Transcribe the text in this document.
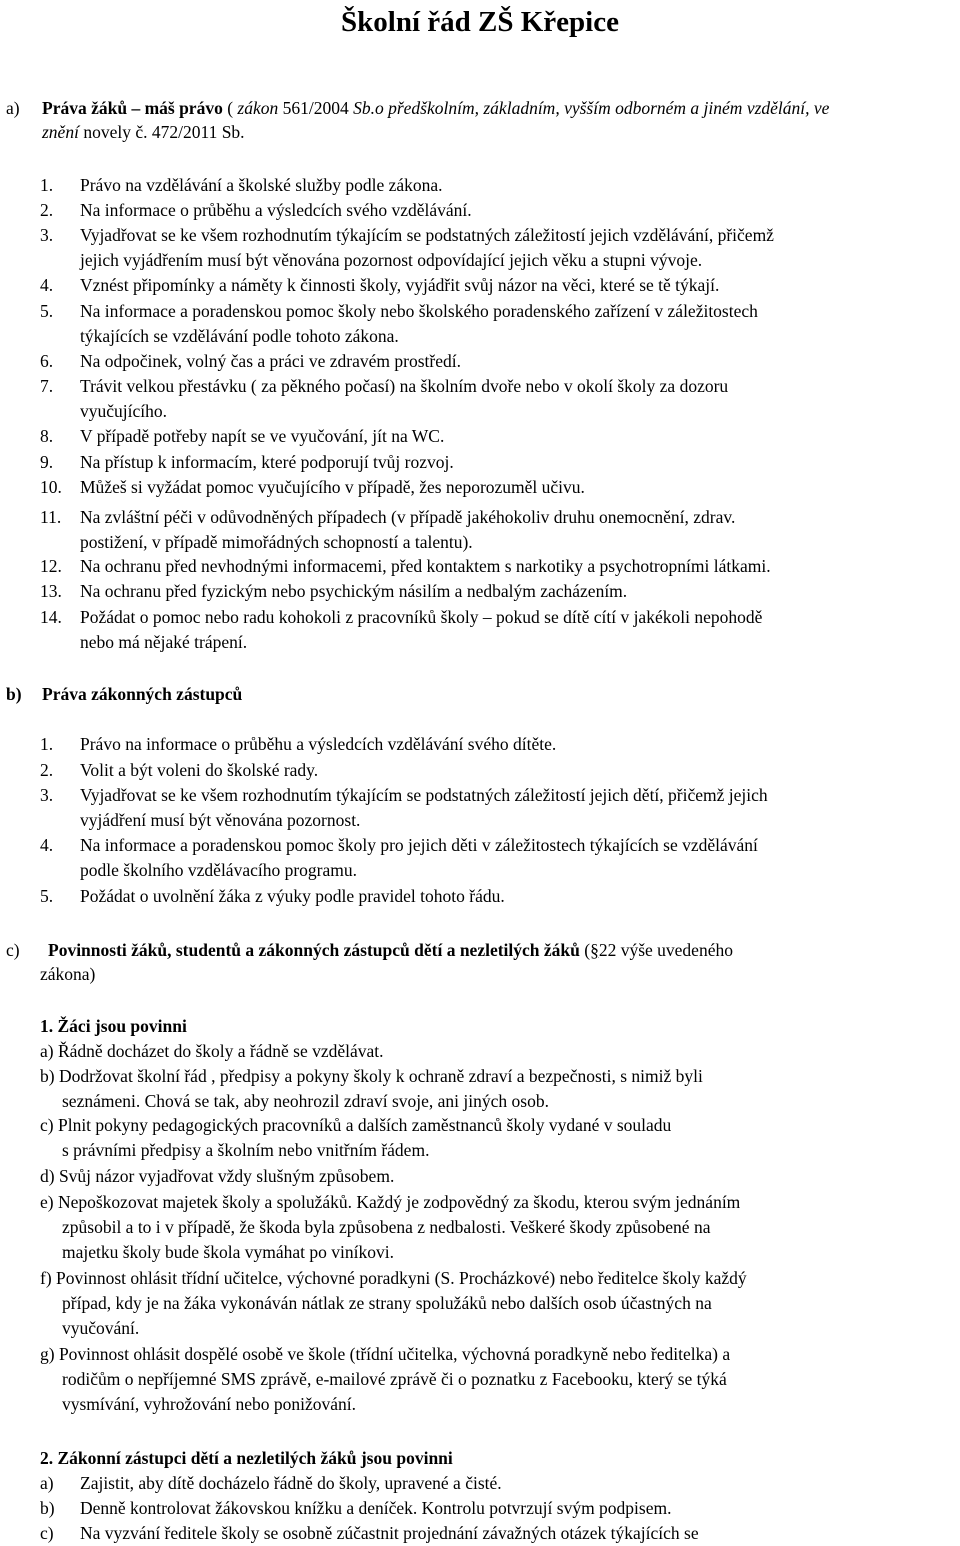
Školní řád ZŠ Křepice
a) Práva žáků – máš právo ( zákon 561/2004 Sb.o předškolním, základním, vyšším odborném a jiném vzdělání, ve
znění novely č. 472/2011 Sb.
1. Právo na vzdělávání a školské služby podle zákona.
2. Na informace o průběhu a výsledcích svého vzdělávání.
3. Vyjadřovat se ke všem rozhodnutím týkajícím se podstatných záležitostí jejich vzdělávání, přičemž
jejich vyjádřením musí být věnována pozornost odpovídající jejich věku a stupni vývoje.
4. Vznést připomínky a náměty k činnosti školy, vyjádřit svůj názor na věci, které se tě týkají.
5. Na informace a poradenskou pomoc školy nebo školského poradenského zařízení v záležitostech
týkajících se vzdělávání podle tohoto zákona.
6. Na odpočinek, volný čas a práci ve zdravém prostředí.
7. Trávit velkou přestávku ( za pěkného počasí) na školním dvoře nebo v okolí školy za dozoru
vyučujícího.
8. V případě potřeby napít se ve vyučování, jít na WC.
9. Na přístup k informacím, které podporují tvůj rozvoj.
10. Můžeš si vyžádat pomoc vyučujícího v případě, žes neporozuměl učivu.
11. Na zvláštní péči v odůvodněných případech (v případě jakéhokoliv druhu onemocnění, zdrav.
postižení, v případě mimořádných schopností a talentu).
12. Na ochranu před nevhodnými informacemi, před kontaktem s narkotiky a psychotropními látkami.
13. Na ochranu před fyzickým nebo psychickým násilím a nedbalým zacházením.
14. Požádat o pomoc nebo radu kohokoli z pracovníků školy – pokud se dítě cítí v jakékoli nepohodě
nebo má nějaké trápení.
b) Práva zákonných zástupců
1. Právo na informace o průběhu a výsledcích vzdělávání svého dítěte.
2. Volit a být voleni do školské rady.
3. Vyjadřovat se ke všem rozhodnutím týkajícím se podstatných záležitostí jejich dětí, přičemž jejich
vyjádření musí být věnována pozornost.
4. Na informace a poradenskou pomoc školy pro jejich děti v záležitostech týkajících se vzdělávání
podle školního vzdělávacího programu.
5. Požádat o uvolnění žáka z výuky podle pravidel tohoto řádu.
c) Povinnosti žáků, studentů a zákonných zástupců dětí a nezletilých žáků (§22 výše uvedeného
zákona)
1. Žáci jsou povinni
a) Řádně docházet do školy a řádně se vzdělávat.
b) Dodržovat školní řád , předpisy a pokyny školy k ochraně zdraví a bezpečnosti, s nimiž byli
seznámeni. Chová se tak, aby neohrozil zdraví svoje, ani jiných osob.
c) Plnit pokyny pedagogických pracovníků a dalších zaměstnanců školy vydané v souladu
s právními předpisy a školním nebo vnitřním řádem.
d) Svůj názor vyjadřovat vždy slušným způsobem.
e) Nepoškozovat majetek školy a spolužáků. Každý je zodpovědný za škodu, kterou svým jednáním
způsobil a to i v případě, že škoda byla způsobena z nedbalosti. Veškeré škody způsobené na
majetku školy bude škola vymáhat po viníkovi.
f) Povinnost ohlásit třídní učitelce, výchovné poradkyni (S. Procházkové) nebo ředitelce školy každý
případ, kdy je na žáka vykonáván nátlak ze strany spolužáků nebo dalších osob účastných na
vyučování.
g) Povinnost ohlásit dospělé osobě ve škole (třídní učitelka, výchovná poradkyně nebo ředitelka) a
rodičům o nepříjemné SMS zprávě, e-mailové zprávě či o poznatku z Facebooku, který se týká
vysmívání, vyhrožování nebo ponižování.
2. Zákonní zástupci dětí a nezletilých žáků jsou povinni
a) Zajistit, aby dítě docházelo řádně do školy, upravené a čisté.
b) Denně kontrolovat žákovskou knížku a deníček. Kontrolu potvrzují svým podpisem.
c) Na vyzvání ředitele školy se osobně zúčastnit projednání závažných otázek týkajících se
